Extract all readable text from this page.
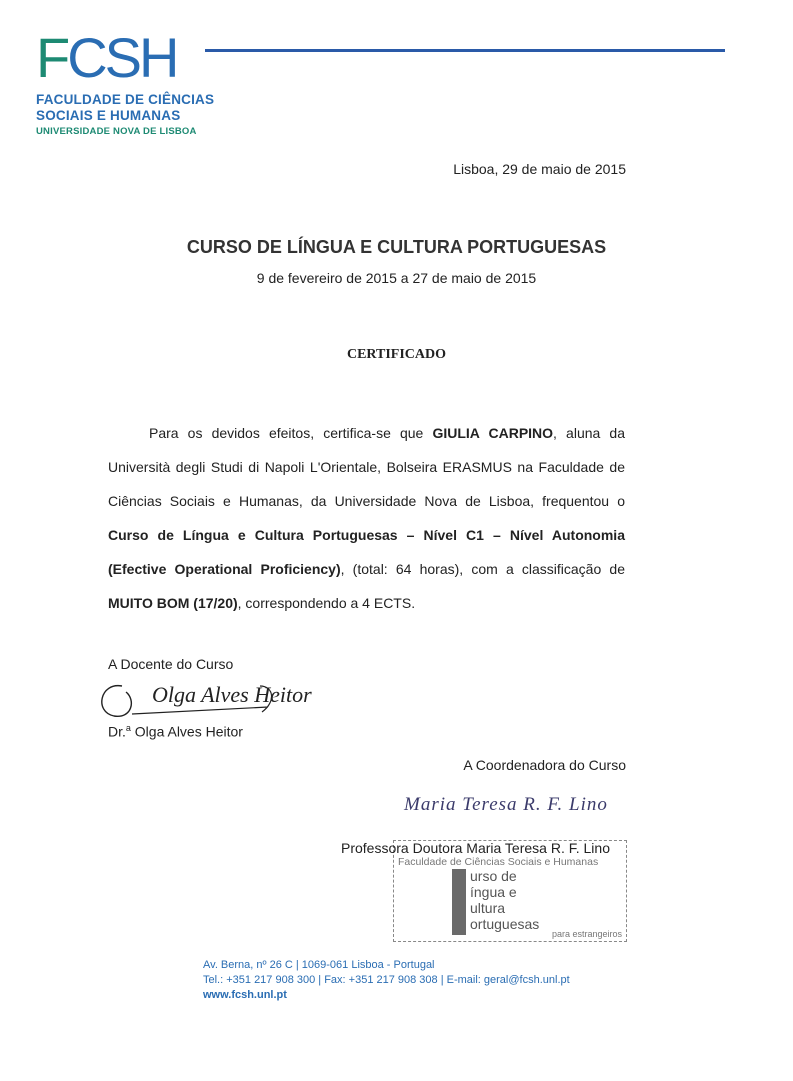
FCSH
FACULDADE DE CIÊNCIAS
SOCIAIS E HUMANAS
UNIVERSIDADE NOVA DE LISBOA
Lisboa, 29 de maio de 2015
CURSO DE LÍNGUA E CULTURA PORTUGUESAS
9 de fevereiro de 2015 a 27 de maio de 2015
CERTIFICADO

Para os devidos efeitos, certifica-se que GIULIA CARPINO, aluna da Università degli Studi di Napoli L'Orientale, Bolseira ERASMUS na Faculdade de Ciências Sociais e Humanas, da Universidade Nova de Lisboa, frequentou o Curso de Língua e Cultura Portuguesas – Nível C1 – Nível Autonomia (Efective Operational Proficiency), (total: 64 horas), com a classificação de MUITO BOM (17/20), correspondendo a 4 ECTS.

A Docente do Curso
Olga Alves Heitor
Dr.$^a$ Olga Alves Heitor
A Coordenadora do Curso
Maria Teresa R. F. Lino
Faculdade de Ciências Sociais e Humanas
urso de
íngua e
ultura
ortuguesas
para estrangeiros
Professora Doutora Maria Teresa R. F. Lino
Av. Berna, nº 26 C | 1069-061 Lisboa - Portugal
Tel.: +351 217 908 300 | Fax: +351 217 908 308 | E-mail: geral@fcsh.unl.pt
www.fcsh.unl.pt
